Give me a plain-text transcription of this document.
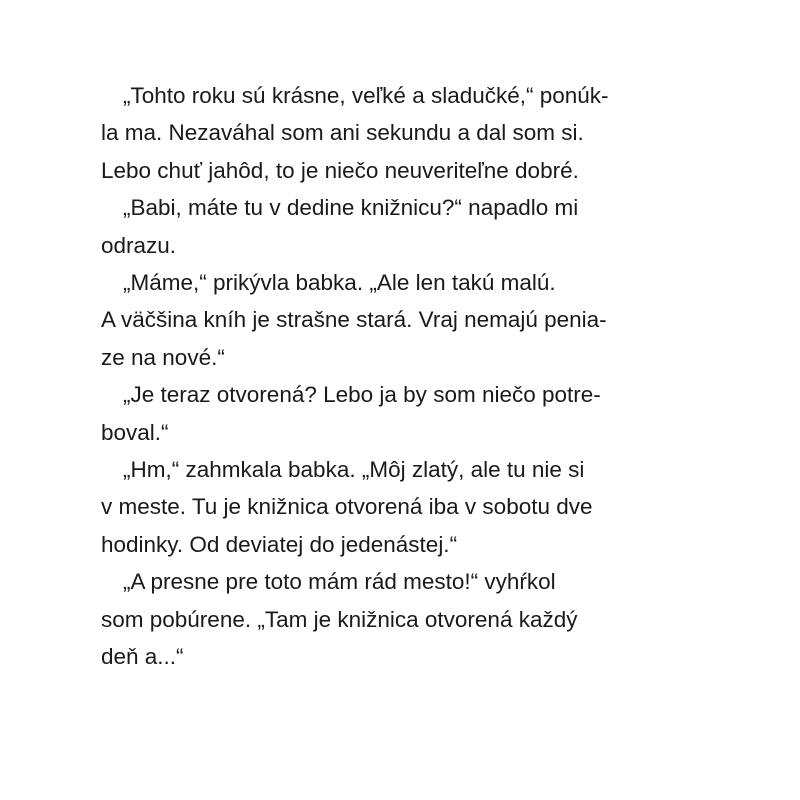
„Tohto roku sú krásne, veľké a sladučké,“ ponúk-
la ma. Nezaváhal som ani sekundu a dal som si.
Lebo chuť jahôd, to je niečo neuveriteľne dobré.
„Babi, máte tu v dedine knižnicu?“ napadlo mi
odrazu.
„Máme,“ prikývla babka. „Ale len takú malú.
A väčšina kníh je strašne stará. Vraj nemajú penia-
ze na nové.“
„Je teraz otvorená? Lebo ja by som niečo potre-
boval.“
„Hm,“ zahmkala babka. „Môj zlatý, ale tu nie si
v meste. Tu je knižnica otvorená iba v sobotu dve
hodinky. Od deviatej do jedenástej.“
„A presne pre toto mám rád mesto!“ vyhŕkol
som pobúrene. „Tam je knižnica otvorená každý
deň a...“
